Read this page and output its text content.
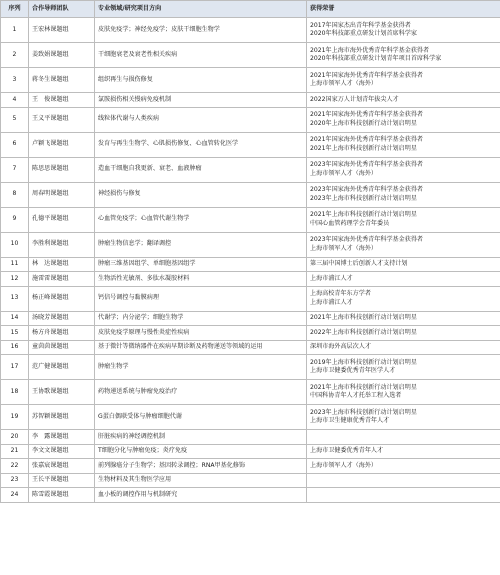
序列	合作导师团队	专业领域/研究项目方向	获得荣誉
1	王宏林课题组	皮肤免疫学；神经免疫学；皮肤干细胞生物学	2017年国家杰出青年科学基金获得者
2020年科技部重点研发计划首席科学家

2	姜致娟课题组	干细胞衰老及衰老性相关疾病	2021年上海市海外优秀青年科学基金获得者
2020年科技部重点研发计划青年项目首席科学家

3	蒋冬生课题组	组织再生与损伤修复	2021年国家海外优秀青年科学基金获得者
上海市领军人才（海外）

4	王　俊课题组	氯胺损伤相关慢病免疫机制	2022国家万人计划青年拔尖人才

5	王义平课题组	线粒体代谢与人类疾病	2021年国家海外优秀青年科学基金获得者
2020年上海市科技创新行动计划启明星

6	卢颖飞课题组	发育与再生生物学、心肌损伤修复、心血管转化医学	2021年国家海外优秀青年科学基金获得者
2021年上海市科技创新行动计划启明星

7	陈思思课题组	造血干细胞自我更新、衰老、血液肿瘤	2023年国家海外优秀青年科学基金获得者
上海市领军人才（海外）

8	周春明课题组	神经损伤与修复	2023年国家海外优秀青年科学基金获得者
2023年上海市科技创新行动计划启明星

9	孔德平课题组	心血管免疫学；心血管代谢生物学	2021年上海市科技创新行动计划启明星
中国心血管药理学会青年委员

10	李胜利课题组	肿瘤生物信息学；翻译调控	2023年国家海外优秀青年科学基金获得者
上海市领军人才（海外）

11	林　达课题组	肿瘤三维基因组学、单细胞基因组学	第三届中国博士后创新人才支持计划

12	施雷雷课题组	生物活性光敏剂、多肽水凝胶材料	上海市浦江人才

13	杨正峰课题组	钙信号调控与黏膜病理	上海高校青年东方学者
上海市浦江人才

14	汤晓芳课题组	代谢学；内分泌学；细胞生物学	2021年上海市科技创新行动计划启明星

15	杨方舟课题组	皮肤免疫学原理与慢性炎症性疾病	2022年上海市科技创新行动计划启明星

16	童茵茵课题组	基于微针等微纳器件在疾病早期诊断及药物递送等领域的运用	深圳市海外高层次人才

17	范广健课题组	肿瘤生物学	2019年上海市科技创新行动计划启明星
上海市卫健委优秀青年医学人才

18	王协歌课题组	药物递送系统与肿瘤免疫治疗	2021年上海市科技创新行动计划启明星
中国科协青年人才托举工程入选者

19	苏智颖课题组	G蛋白偶联受体与肿瘤细胞代谢	2023年上海市科技创新行动计划启明星
上海市卫生健康优秀青年人才

20	李　露课题组	肝脏疾病的神经调控机制	
21	李文文课题组	T细胞分化与肿瘤免疫；炎疗免疫	上海市卫健委优秀青年人才

22	张嘉宸课题组	前列腺癌分子生物学；基因转录调控；RNA甲基化修饰	上海市领军人才（海外）

23	王长平课题组	生物材料及其生物医学应用	
24	陈雪霞课题组	血小板的调控作用与机制研究	
